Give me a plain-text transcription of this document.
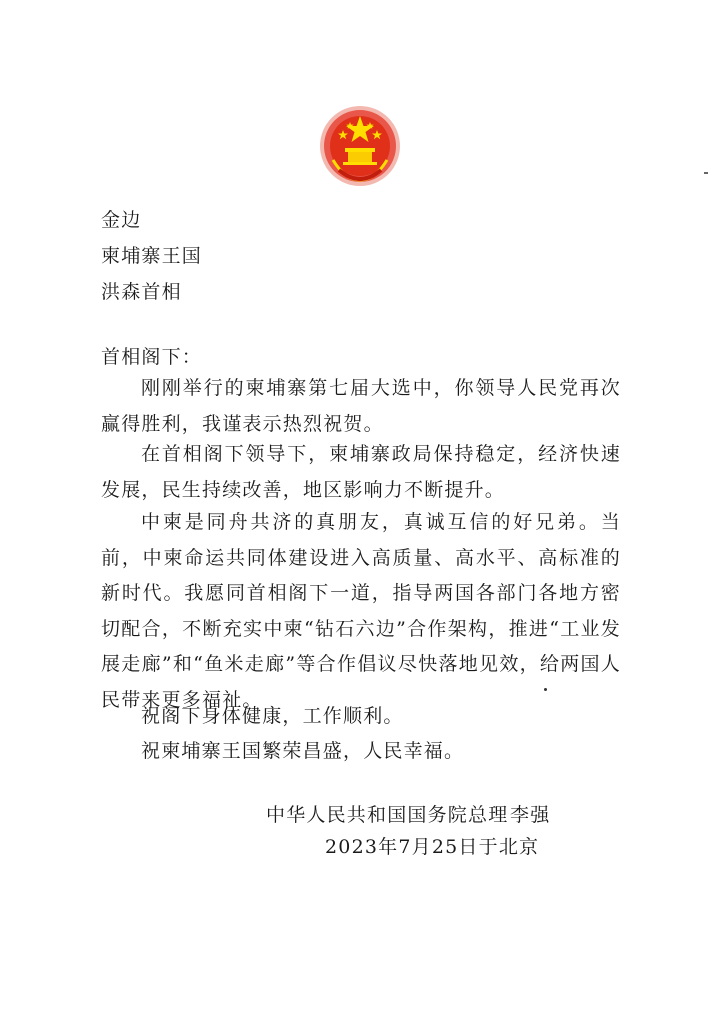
金边
柬埔寨王国
洪森首相
首相阁下：
刚刚举行的柬埔寨第七届大选中，你领导人民党再次赢得胜利，我谨表示热烈祝贺。
在首相阁下领导下，柬埔寨政局保持稳定，经济快速发展，民生持续改善，地区影响力不断提升。
中柬是同舟共济的真朋友，真诚互信的好兄弟。当前，中柬命运共同体建设进入高质量、高水平、高标准的新时代。我愿同首相阁下一道，指导两国各部门各地方密切配合，不断充实中柬“钻石六边”合作架构，推进“工业发展走廊”和“鱼米走廊”等合作倡议尽快落地见效，给两国人民带来更多福祉。
祝阁下身体健康，工作顺利。
祝柬埔寨王国繁荣昌盛，人民幸福。
中华人民共和国国务院总理 李强
2023年7月25日于北京
